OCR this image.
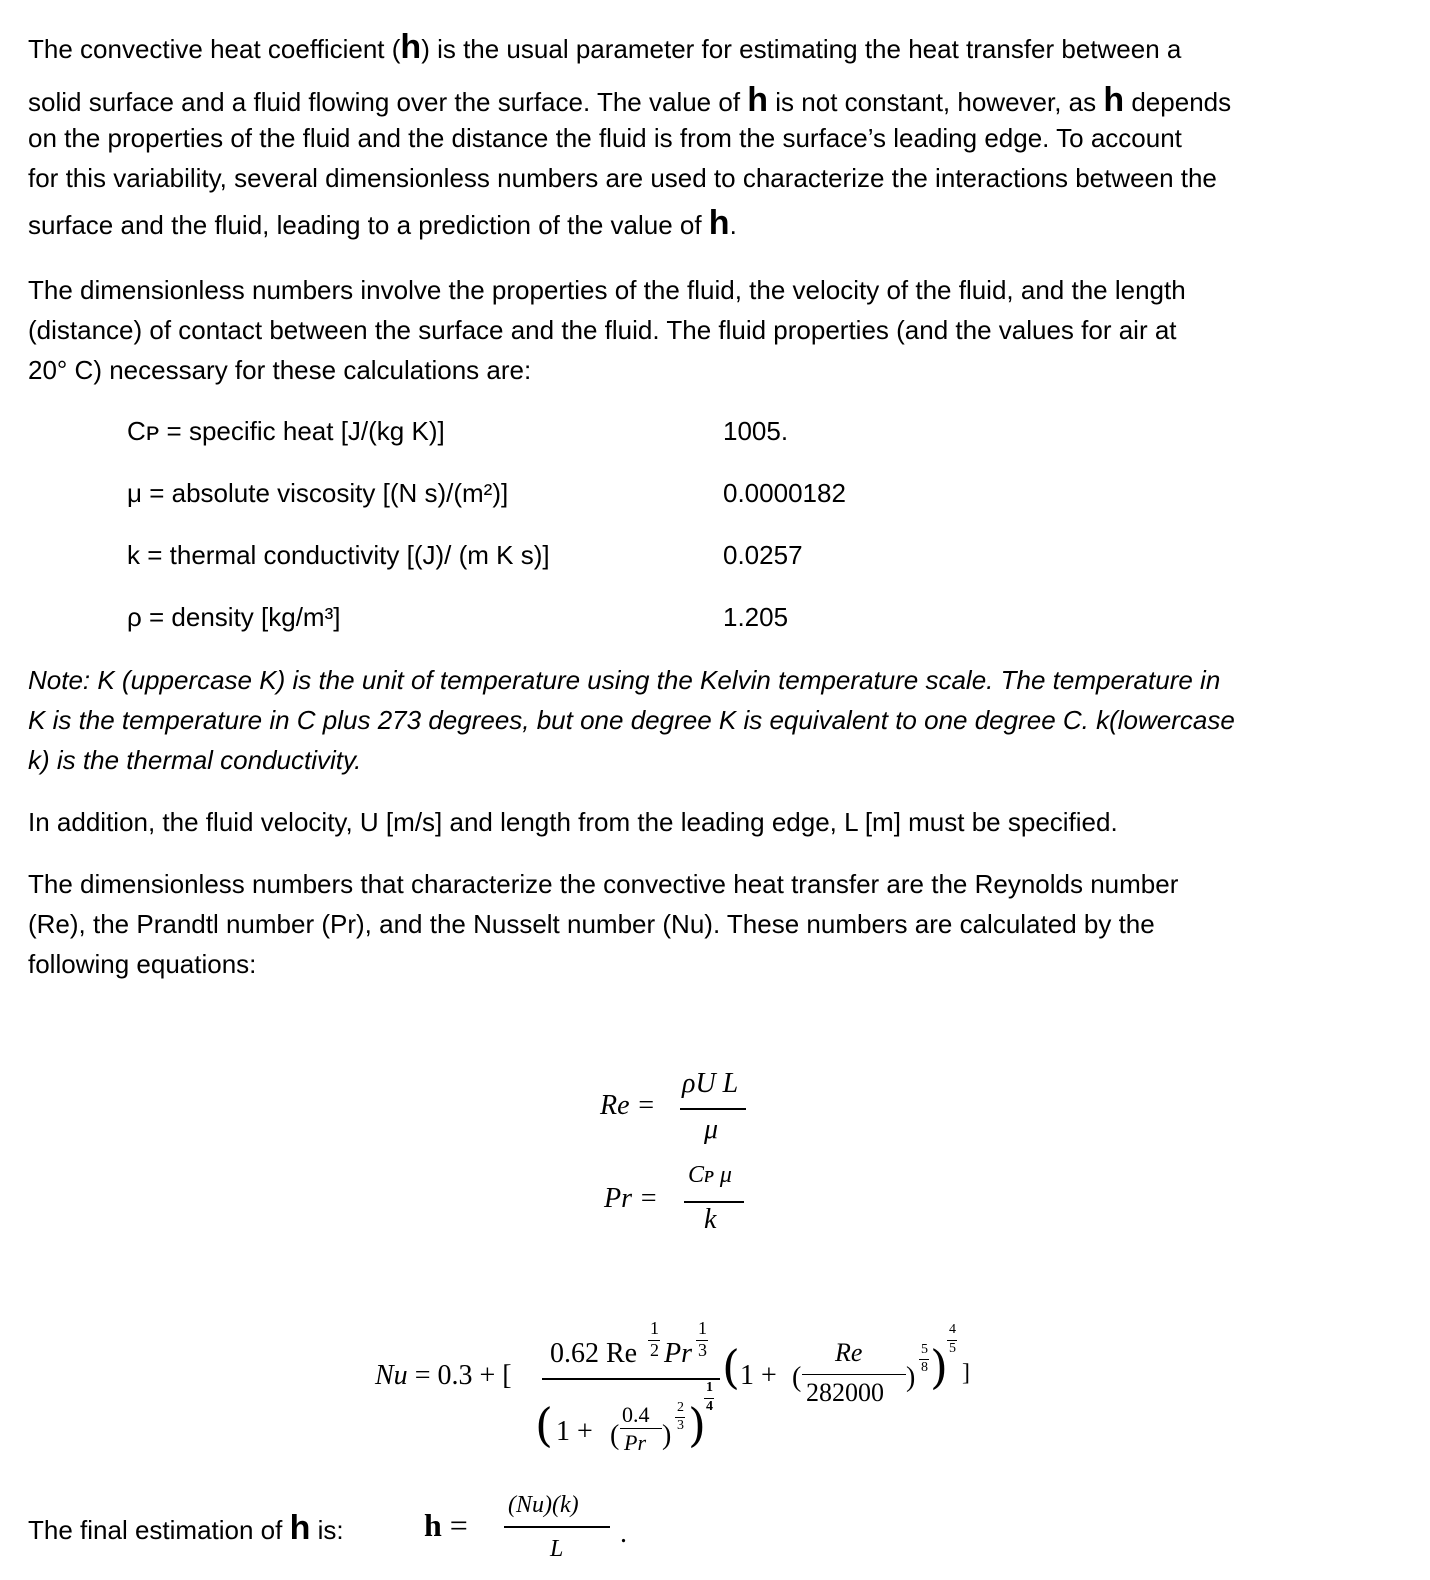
The convective heat coefficient (h) is the usual parameter for estimating the heat transfer between a
solid surface and a fluid flowing over the surface. The value of h is not constant, however, as h depends

on the properties of the fluid and the distance the fluid is from the surface’s leading edge. To account
for this variability, several dimensionless numbers are used to characterize the interactions between the

surface and the fluid, leading to a prediction of the value of h.

The dimensionless numbers involve the properties of the fluid, the velocity of the fluid, and the length
(distance) of contact between the surface and the fluid. The fluid properties (and the values for air at
20° C) necessary for these calculations are:

Cᴘ = specific heat [J/(kg K)]	1005.
μ = absolute viscosity [(N s)/(m²)]	0.0000182
k = thermal conductivity [(J)/ (m K s)]	0.0257
ρ = density [kg/m³]	1.205

Note: K (uppercase K) is the unit of temperature using the Kelvin temperature scale. The temperature in
K is the temperature in C plus 273 degrees, but one degree K is equivalent to one degree C. k(lowercase
k) is the thermal conductivity.

In addition, the fluid velocity, U [m/s] and length from the leading edge, L [m] must be specified.

The dimensionless numbers that characterize the convective heat transfer are the Reynolds number
(Re), the Prandtl number (Pr), and the Nusselt number (Nu). These numbers are calculated by the
following equations:

Re =
ρU L
μ
Pr =
Cᴘ μ
k
Nu = 0.3 + [
0.62 Re
1
2 Pr
1
3
( 1 + (
0.4
Pr )
2
3 )
1
4
( 1 + (
Re
282000 )
5
8 )
4
5
]

The final estimation of h is:	h =
(Nu)(k)
L .
